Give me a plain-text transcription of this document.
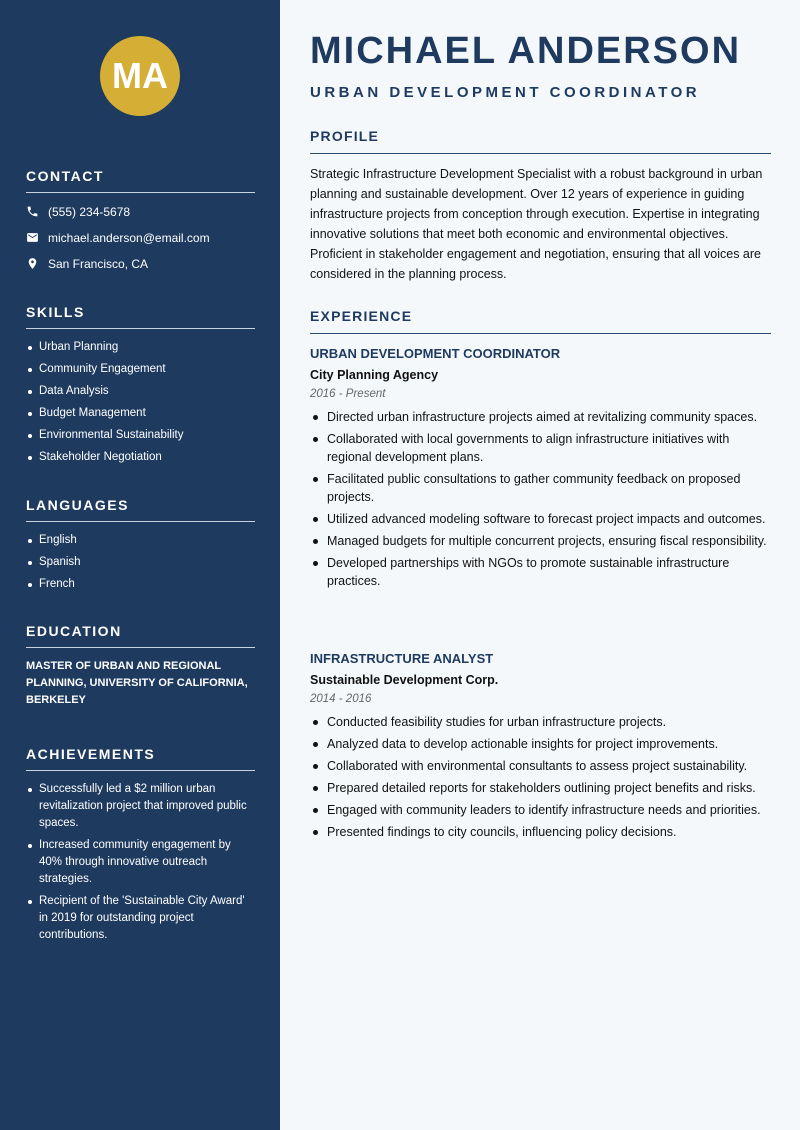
MA
CONTACT
(555) 234-5678
michael.anderson@email.com
San Francisco, CA
SKILLS
Urban Planning
Community Engagement
Data Analysis
Budget Management
Environmental Sustainability
Stakeholder Negotiation
LANGUAGES
English
Spanish
French
EDUCATION
MASTER OF URBAN AND REGIONAL PLANNING, UNIVERSITY OF CALIFORNIA, BERKELEY
ACHIEVEMENTS
Successfully led a $2 million urban revitalization project that improved public spaces.
Increased community engagement by 40% through innovative outreach strategies.
Recipient of the 'Sustainable City Award' in 2019 for outstanding project contributions.
MICHAEL ANDERSON
URBAN DEVELOPMENT COORDINATOR
PROFILE

Strategic Infrastructure Development Specialist with a robust background in urban planning and sustainable development. Over 12 years of experience in guiding infrastructure projects from conception through execution. Expertise in integrating innovative solutions that meet both economic and environmental objectives. Proficient in stakeholder engagement and negotiation, ensuring that all voices are considered in the planning process.

EXPERIENCE
URBAN DEVELOPMENT COORDINATOR
City Planning Agency
2016 - Present
Directed urban infrastructure projects aimed at revitalizing community spaces.
Collaborated with local governments to align infrastructure initiatives with regional development plans.
Facilitated public consultations to gather community feedback on proposed projects.
Utilized advanced modeling software to forecast project impacts and outcomes.
Managed budgets for multiple concurrent projects, ensuring fiscal responsibility.
Developed partnerships with NGOs to promote sustainable infrastructure practices.
INFRASTRUCTURE ANALYST
Sustainable Development Corp.
2014 - 2016
Conducted feasibility studies for urban infrastructure projects.
Analyzed data to develop actionable insights for project improvements.
Collaborated with environmental consultants to assess project sustainability.
Prepared detailed reports for stakeholders outlining project benefits and risks.
Engaged with community leaders to identify infrastructure needs and priorities.
Presented findings to city councils, influencing policy decisions.
